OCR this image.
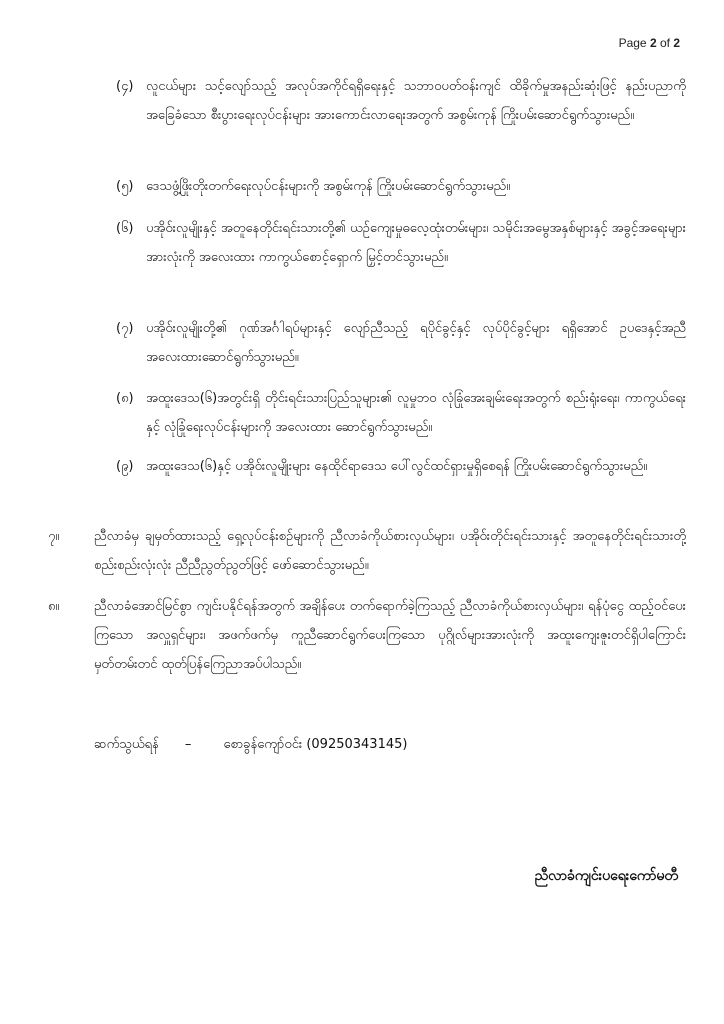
Page 2 of 2
(၄) လူငယ်များ သင့်လျော်သည့် အလုပ်အကိုင်ရရှိရေးနှင့် သဘာဝပတ်ဝန်းကျင် ထိခိုက်မှုအနည်းဆုံးဖြင့် နည်းပညာကို အခြေခံသော စီးပွားရေးလုပ်ငန်းများ အားကောင်းလာရေးအတွက် အစွမ်းကုန် ကြိုးပမ်းဆောင်ရွက်သွားမည်။
(၅) ဒေသဖွံ့ဖြိုးတိုးတက်ရေးလုပ်ငန်းများကို အစွမ်းကုန် ကြိုးပမ်းဆောင်ရွက်သွားမည်။
(၆) ပအိုဝ်းလူမျိုးနှင့် အတူနေတိုင်းရင်းသားတို့၏ ယဉ်ကျေးမှုဓလေ့ထုံးတမ်းများ၊ သမိုင်းအမွေအနှစ်များနှင့် အခွင့်အရေးများအားလုံးကို အလေးထား ကာကွယ်စောင့်ရှောက် မြှင့်တင်သွားမည်။
(၇) ပအိုဝ်းလူမျိုးတို့၏ ဂုဏ်အင်္ဂါရပ်များနှင့် လျော်ညီသည့် ရပိုင်ခွင့်နှင့် လုပ်ပိုင်ခွင့်များ ရရှိအောင် ဥပဒေနှင့်အညီ အလေးထားဆောင်ရွက်သွားမည်။
(၈) အထူးဒေသ(၆)အတွင်းရှိ တိုင်းရင်းသားပြည်သူများ၏ လူမှုဘဝ လုံခြုံအေးချမ်းရေးအတွက် စည်းရုံးရေး၊ ကာကွယ်ရေးနှင့် လုံခြုံရေးလုပ်ငန်းများကို အလေးထား ဆောင်ရွက်သွားမည်။
(၉) အထူးဒေသ(၆)နှင့် ပအိုဝ်းလူမျိုးများ နေထိုင်ရာဒေသ ပေါ်လွင်ထင်ရှားမှုရှိစေရန် ကြိုးပမ်းဆောင်ရွက်သွားမည်။
၇။	ညီလာခံမှ ချမှတ်ထားသည့် ရှေ့လုပ်ငန်းစဉ်များကို ညီလာခံကိုယ်စားလှယ်များ၊ ပအိုဝ်းတိုင်းရင်းသားနှင့် အတူနေတိုင်းရင်းသားတို့ စည်းစည်းလုံးလုံး ညီညီညွတ်ညွတ်ဖြင့် ဖော်ဆောင်သွားမည်။
၈။	ညီလာခံအောင်မြင်စွာ ကျင်းပနိုင်ရန်အတွက် အချိန်ပေး တက်ရောက်ခဲ့ကြသည့် ညီလာခံကိုယ်စားလှယ်များ၊ ရန်ပုံငွေ ထည့်ဝင်ပေးကြသော အလှူရှင်များ၊ အဖက်ဖက်မှ ကူညီဆောင်ရွက်ပေးကြသော ပုဂ္ဂိုလ်များအားလုံးကို အထူးကျေးဇူးတင်ရှိပါကြောင်း မှတ်တမ်းတင် ထုတ်ပြန်ကြေညာအပ်ပါသည်။
ဆက်သွယ်ရန် – စောခွန်ကျော်ဝင်း (09250343145)
ညီလာခံကျင်းပရေးကော်မတီ
